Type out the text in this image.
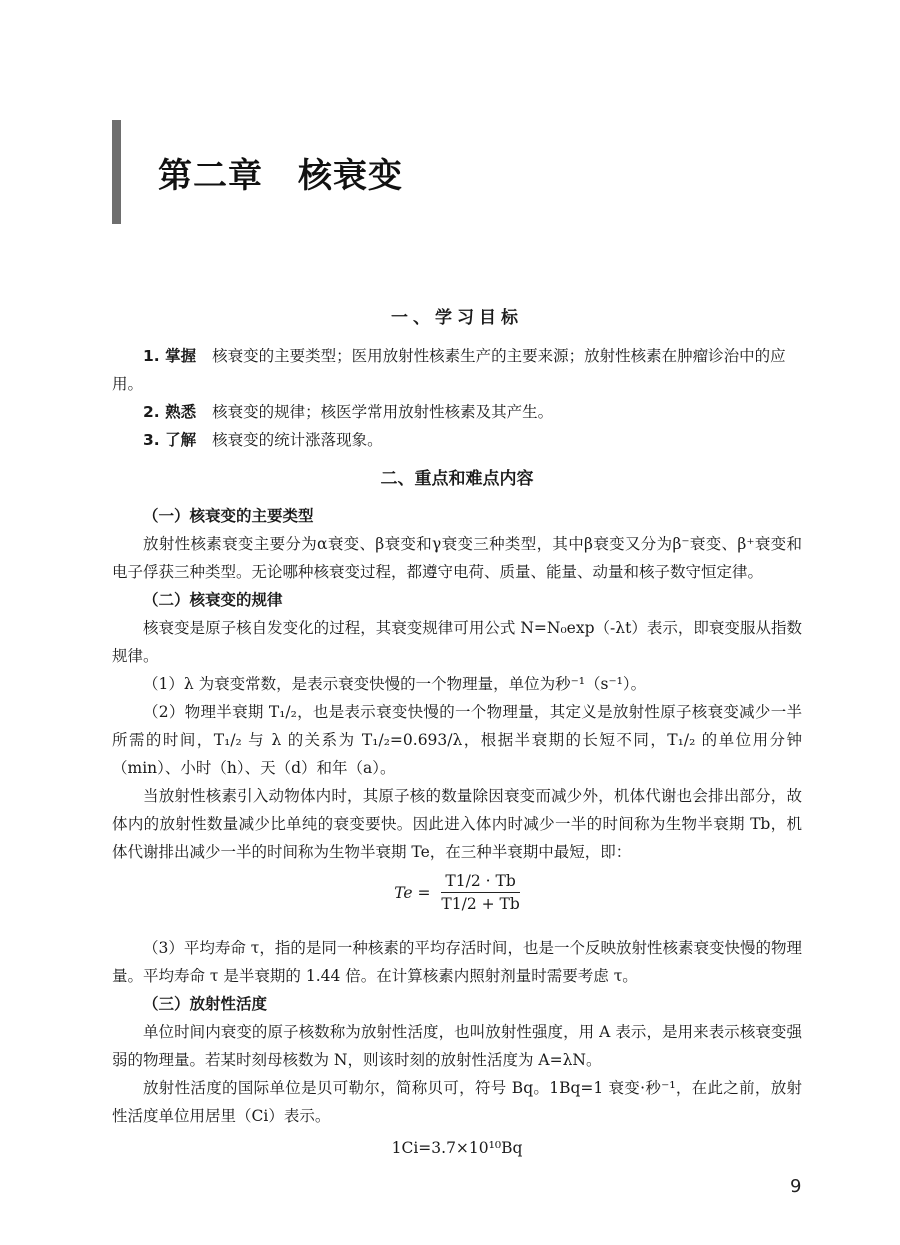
第二章　核衰变

一、学习目标

1. 掌握 核衰变的主要类型；医用放射性核素生产的主要来源；放射性核素在肿瘤诊治中的应用。

2. 熟悉 核衰变的规律；核医学常用放射性核素及其产生。

3. 了解 核衰变的统计涨落现象。

二、重点和难点内容

（一）核衰变的主要类型

放射性核素衰变主要分为α衰变、β衰变和γ衰变三种类型，其中β衰变又分为β⁻衰变、β⁺衰变和电子俘获三种类型。无论哪种核衰变过程，都遵守电荷、质量、能量、动量和核子数守恒定律。

（二）核衰变的规律

核衰变是原子核自发变化的过程，其衰变规律可用公式 N=N₀exp（-λt）表示，即衰变服从指数规律。

（1）λ 为衰变常数，是表示衰变快慢的一个物理量，单位为秒⁻¹（s⁻¹）。

（2）物理半衰期 T₁/₂，也是表示衰变快慢的一个物理量，其定义是放射性原子核衰变减少一半所需的时间，T₁/₂ 与 λ 的关系为 T₁/₂=0.693/λ，根据半衰期的长短不同，T₁/₂ 的单位用分钟（min）、小时（h）、天（d）和年（a）。

当放射性核素引入动物体内时，其原子核的数量除因衰变而减少外，机体代谢也会排出部分，故体内的放射性数量减少比单纯的衰变要快。因此进入体内时减少一半的时间称为生物半衰期 Tb，机体代谢排出减少一半的时间称为生物半衰期 Te，在三种半衰期中最短，即：

$Te = \frac{T1/2 \cdot Tb}{T1/2 + Tb}$

（3）平均寿命 τ，指的是同一种核素的平均存活时间，也是一个反映放射性核素衰变快慢的物理量。平均寿命 τ 是半衰期的 1.44 倍。在计算核素内照射剂量时需要考虑 τ。

（三）放射性活度

单位时间内衰变的原子核数称为放射性活度，也叫放射性强度，用 A 表示，是用来表示核衰变强弱的物理量。若某时刻母核数为 N，则该时刻的放射性活度为 A=λN。

放射性活度的国际单位是贝可勒尔，简称贝可，符号 Bq。1Bq=1 衰变·秒⁻¹，在此之前，放射性活度单位用居里（Ci）表示。

1Ci=3.7×10¹⁰Bq

9
